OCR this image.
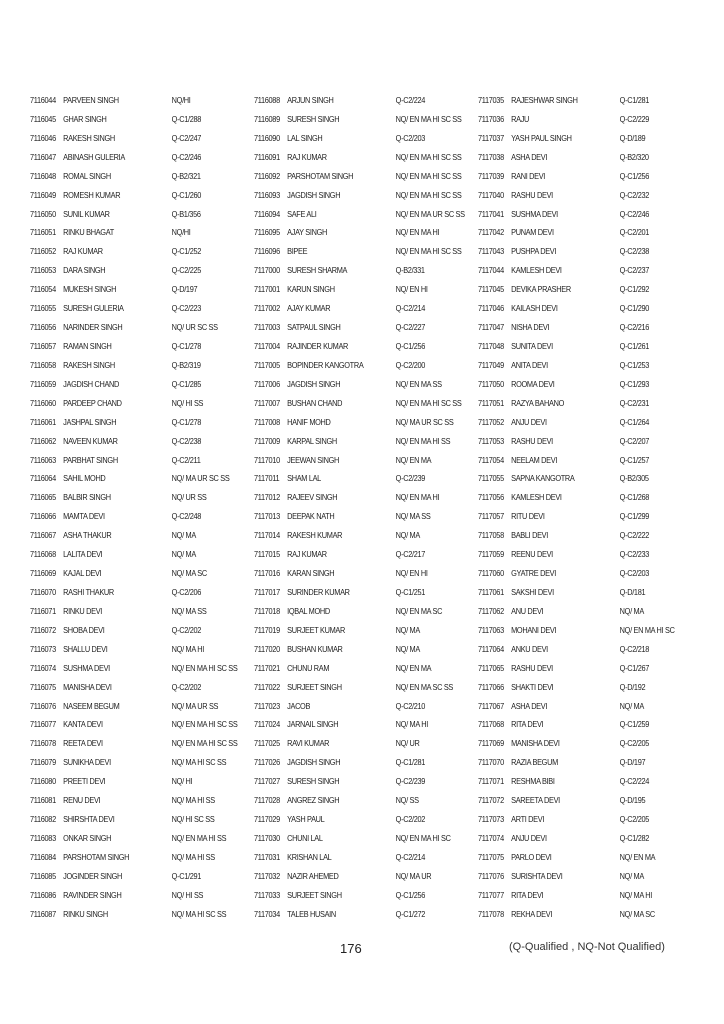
7116044 PARVEEN SINGH	NQ/HI
7116045 GHAR SINGH	Q-C1/288
7116046 RAKESH SINGH	Q-C2/247
7116047 ABINASH GULERIA	Q-C2/246
7116048 ROMAL SINGH	Q-B2/321
7116049 ROMESH KUMAR	Q-C1/260
7116050 SUNIL KUMAR	Q-B1/356
7116051 RINKU BHAGAT	NQ/HI
7116052 RAJ KUMAR	Q-C1/252
7116053 DARA SINGH	Q-C2/225
7116054 MUKESH SINGH	Q-D/197
7116055 SURESH GULERIA	Q-C2/223
7116056 NARINDER SINGH	NQ/ UR SC SS
7116057 RAMAN SINGH	Q-C1/278
7116058 RAKESH SINGH	Q-B2/319
7116059 JAGDISH CHAND	Q-C1/285
7116060 PARDEEP CHAND	NQ/ HI SS
7116061 JASHPAL SINGH	Q-C1/278
7116062 NAVEEN KUMAR	Q-C2/238
7116063 PARBHAT SINGH	Q-C2/211
7116064 SAHIL MOHD	NQ/ MA UR SC SS
7116065 BALBIR SINGH	NQ/ UR SS
7116066 MAMTA DEVI	Q-C2/248
7116067 ASHA THAKUR	NQ/ MA
7116068 LALITA DEVI	NQ/ MA
7116069 KAJAL DEVI	NQ/ MA SC
7116070 RASHI THAKUR	Q-C2/206
7116071 RINKU DEVI	NQ/ MA SS
7116072 SHOBA DEVI	Q-C2/202
7116073 SHALLU DEVI	NQ/ MA HI
7116074 SUSHMA DEVI	NQ/ EN MA HI SC SS
7116075 MANISHA DEVI	Q-C2/202
7116076 NASEEM BEGUM	NQ/ MA UR SS
7116077 KANTA DEVI	NQ/ EN MA HI SC SS
7116078 REETA DEVI	NQ/ EN MA HI SC SS
7116079 SUNIKHA DEVI	NQ/ MA HI SC SS
7116080 PREETI DEVI	NQ/ HI
7116081 RENU DEVI	NQ/ MA HI SS
7116082 SHIRSHTA DEVI	NQ/ HI SC SS
7116083 ONKAR SINGH	NQ/ EN MA HI SS
7116084 PARSHOTAM SINGH	NQ/ MA HI SS
7116085 JOGINDER SINGH	Q-C1/291
7116086 RAVINDER SINGH	NQ/ HI SS
7116087 RINKU SINGH	NQ/ MA HI SC SS
7116088 ARJUN SINGH	Q-C2/224
7116089 SURESH SINGH	NQ/ EN MA HI SC SS
7116090 LAL SINGH	Q-C2/203
7116091 RAJ KUMAR	NQ/ EN MA HI SC SS
7116092 PARSHOTAM SINGH	NQ/ EN MA HI SC SS
7116093 JAGDISH SINGH	NQ/ EN MA HI SC SS
7116094 SAFE ALI	NQ/ EN MA UR SC SS
7116095 AJAY SINGH	NQ/ EN MA HI
7116096 BIPEE	NQ/ EN MA HI SC SS
7117000 SURESH SHARMA	Q-B2/331
7117001 KARUN SINGH	NQ/ EN HI
7117002 AJAY KUMAR	Q-C2/214
7117003 SATPAUL SINGH	Q-C2/227
7117004 RAJINDER KUMAR	Q-C1/256
7117005 BOPINDER KANGOTRA	Q-C2/200
7117006 JAGDISH SINGH	NQ/ EN MA SS
7117007 BUSHAN CHAND	NQ/ EN MA HI SC SS
7117008 HANIF MOHD	NQ/ MA UR SC SS
7117009 KARPAL SINGH	NQ/ EN MA HI SS
7117010 JEEWAN SINGH	NQ/ EN MA
7117011 SHAM LAL	Q-C2/239
7117012 RAJEEV SINGH	NQ/ EN MA HI
7117013 DEEPAK NATH	NQ/ MA SS
7117014 RAKESH KUMAR	NQ/ MA
7117015 RAJ KUMAR	Q-C2/217
7117016 KARAN SINGH	NQ/ EN HI
7117017 SURINDER KUMAR	Q-C1/251
7117018 IQBAL MOHD	NQ/ EN MA SC
7117019 SURJEET KUMAR	NQ/ MA
7117020 BUSHAN KUMAR	NQ/ MA
7117021 CHUNU RAM	NQ/ EN MA
7117022 SURJEET SINGH	NQ/ EN MA SC SS
7117023 JACOB	Q-C2/210
7117024 JARNAIL SINGH	NQ/ MA HI
7117025 RAVI KUMAR	NQ/ UR
7117026 JAGDISH SINGH	Q-C1/281
7117027 SURESH SINGH	Q-C2/239
7117028 ANGREZ SINGH	NQ/ SS
7117029 YASH PAUL	Q-C2/202
7117030 CHUNI LAL	NQ/ EN MA HI SC
7117031 KRISHAN LAL	Q-C2/214
7117032 NAZIR AHEMED	NQ/ MA UR
7117033 SURJEET SINGH	Q-C1/256
7117034 TALEB HUSAIN	Q-C1/272
7117035 RAJESHWAR SINGH	Q-C1/281
7117036 RAJU	Q-C2/229
7117037 YASH PAUL SINGH	Q-D/189
7117038 ASHA DEVI	Q-B2/320
7117039 RANI DEVI	Q-C1/256
7117040 RASHU DEVI	Q-C2/232
7117041 SUSHMA DEVI	Q-C2/246
7117042 PUNAM DEVI	Q-C2/201
7117043 PUSHPA DEVI	Q-C2/238
7117044 KAMLESH DEVI	Q-C2/237
7117045 DEVIKA PRASHER	Q-C1/292
7117046 KAILASH DEVI	Q-C1/290
7117047 NISHA DEVI	Q-C2/216
7117048 SUNITA DEVI	Q-C1/261
7117049 ANITA DEVI	Q-C1/253
7117050 ROOMA DEVI	Q-C1/293
7117051 RAZYA BAHANO	Q-C2/231
7117052 ANJU DEVI	Q-C1/264
7117053 RASHU DEVI	Q-C2/207
7117054 NEELAM DEVI	Q-C1/257
7117055 SAPNA KANGOTRA	Q-B2/305
7117056 KAMLESH DEVI	Q-C1/268
7117057 RITU DEVI	Q-C1/299
7117058 BABLI DEVI	Q-C2/222
7117059 REENU DEVI	Q-C2/233
7117060 GYATRE DEVI	Q-C2/203
7117061 SAKSHI DEVI	Q-D/181
7117062 ANU DEVI	NQ/ MA
7117063 MOHANI DEVI	NQ/ EN MA HI SC
7117064 ANKU DEVI	Q-C2/218
7117065 RASHU DEVI	Q-C1/267
7117066 SHAKTI DEVI	Q-D/192
7117067 ASHA DEVI	NQ/ MA
7117068 RITA DEVI	Q-C1/259
7117069 MANISHA DEVI	Q-C2/205
7117070 RAZIA BEGUM	Q-D/197
7117071 RESHMA BIBI	Q-C2/224
7117072 SAREETA DEVI	Q-D/195
7117073 ARTI DEVI	Q-C2/205
7117074 ANJU DEVI	Q-C1/282
7117075 PARLO DEVI	NQ/ EN MA
7117076 SURISHTA DEVI	NQ/ MA
7117077 RITA DEVI	NQ/ MA HI
7117078 REKHA DEVI	NQ/ MA SC
176	(Q-Qualified , NQ-Not Qualified)
